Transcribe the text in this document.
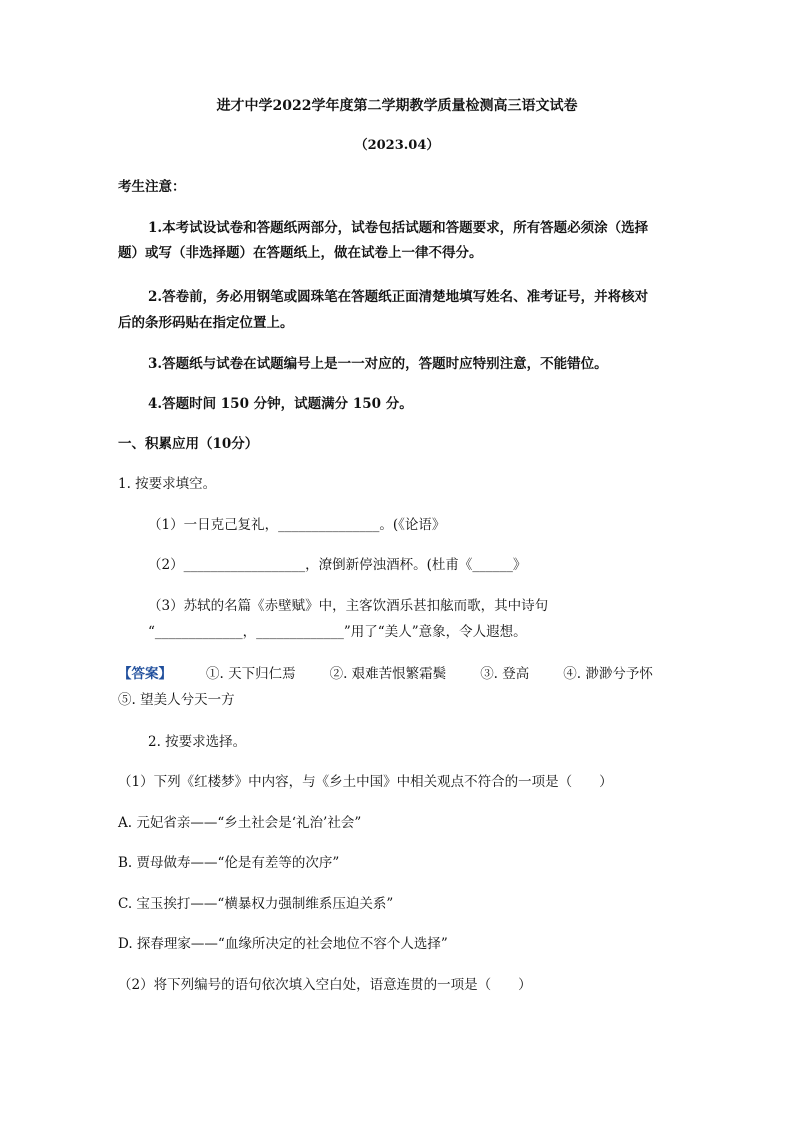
进才中学2022学年度第二学期教学质量检测高三语文试卷
（2023.04）
考生注意：
1.本考试设试卷和答题纸两部分，试卷包括试题和答题要求，所有答题必须涂（选择
题）或写（非选择题）在答题纸上，做在试卷上一律不得分。
2.答卷前，务必用钢笔或圆珠笔在答题纸正面清楚地填写姓名、准考证号，并将核对
后的条形码贴在指定位置上。
3.答题纸与试卷在试题编号上是一一对应的，答题时应特别注意，不能错位。
4.答题时间 150 分钟，试题满分 150 分。
一、积累应用（10分）
1. 按要求填空。
（1）一日克己复礼，_______________。(《论语》
（2）__________________，潦倒新停浊酒杯。(杜甫《______》
（3）苏轼的名篇《赤壁赋》中，主客饮酒乐甚扣舷而歌，其中诗句
“_____________，_____________”用了“美人”意象，令人遐想。
【答案】	①. 天下归仁焉	②. 艰难苦恨繁霜鬓	③. 登高	④. 渺渺兮予怀
⑤. 望美人兮天一方
2. 按要求选择。
（1）下列《红楼梦》中内容，与《乡土中国》中相关观点不符合的一项是（　　）
A. 元妃省亲——“乡土社会是‘礼治’社会”
B. 贾母做寿——“伦是有差等的次序”
C. 宝玉挨打——“横暴权力强制维系压迫关系”
D. 探春理家——“血缘所决定的社会地位不容个人选择”
（2）将下列编号的语句依次填入空白处，语意连贯的一项是（　　）
